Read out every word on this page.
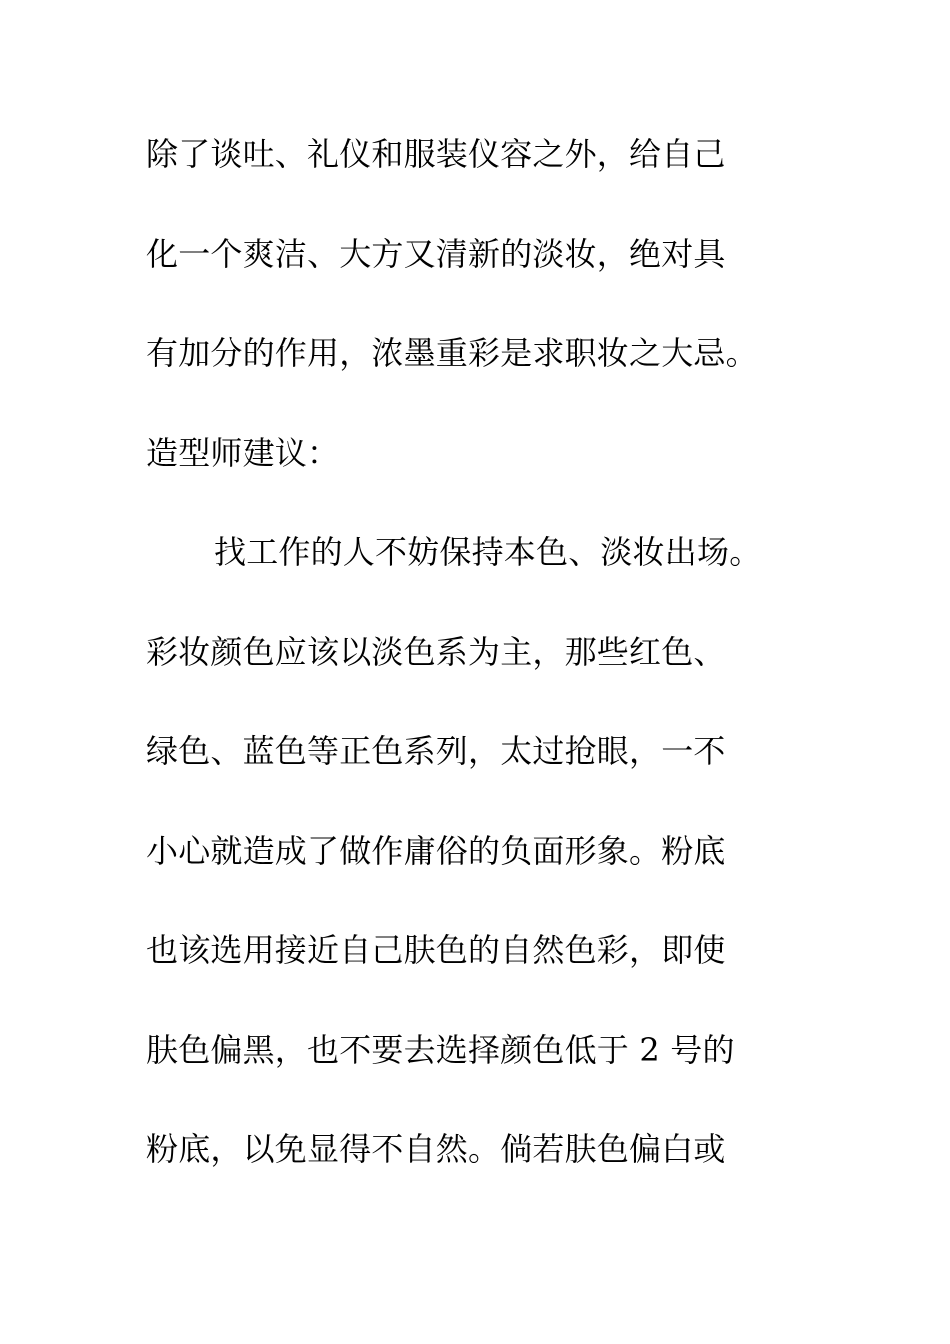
除了谈吐、礼仪和服装仪容之外，给自己
化一个爽洁、大方又清新的淡妆，绝对具
有加分的作用，浓墨重彩是求职妆之大忌。
造型师建议：
找工作的人不妨保持本色、淡妆出场。
彩妆颜色应该以淡色系为主，那些红色、
绿色、蓝色等正色系列，太过抢眼，一不
小心就造成了做作庸俗的负面形象。粉底
也该选用接近自己肤色的自然色彩，即使
肤色偏黑，也不要去选择颜色低于 2 号的
粉底，以免显得不自然。倘若肤色偏白或
